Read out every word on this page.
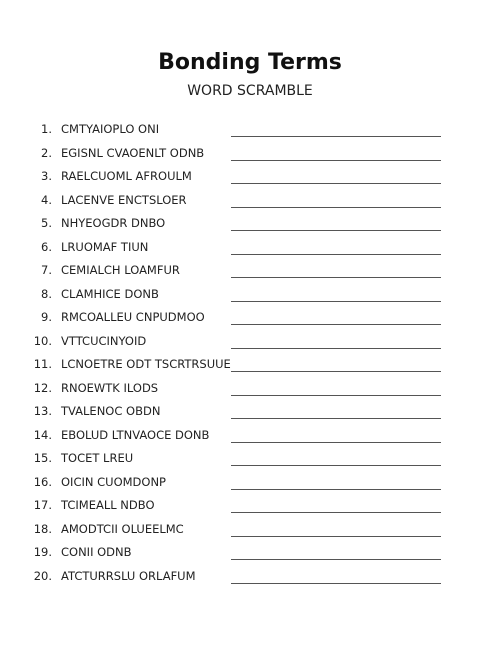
Bonding Terms
WORD SCRAMBLE
1. CMTYAIOPLO ONI
2. EGISNL CVAOENLT ODNB
3. RAELCUOML AFROULM
4. LACENVE ENCTSLOER
5. NHYEOGDR DNBO
6. LRUOMAF TIUN
7. CEMIALCH LOAMFUR
8. CLAMHICE DONB
9. RMCOALLEU CNPUDMOO
10. VTTCUCINYOID
11. LCNOETRE ODT TSCRTRSUUE
12. RNOEWTK ILODS
13. TVALENOC OBDN
14. EBOLUD LTNVAOCE DONB
15. TOCET LREU
16. OICIN CUOMDONP
17. TCIMEALL NDBO
18. AMODTCII OLUEELMC
19. CONII ODNB
20. ATCTURRSLU ORLAFUM
